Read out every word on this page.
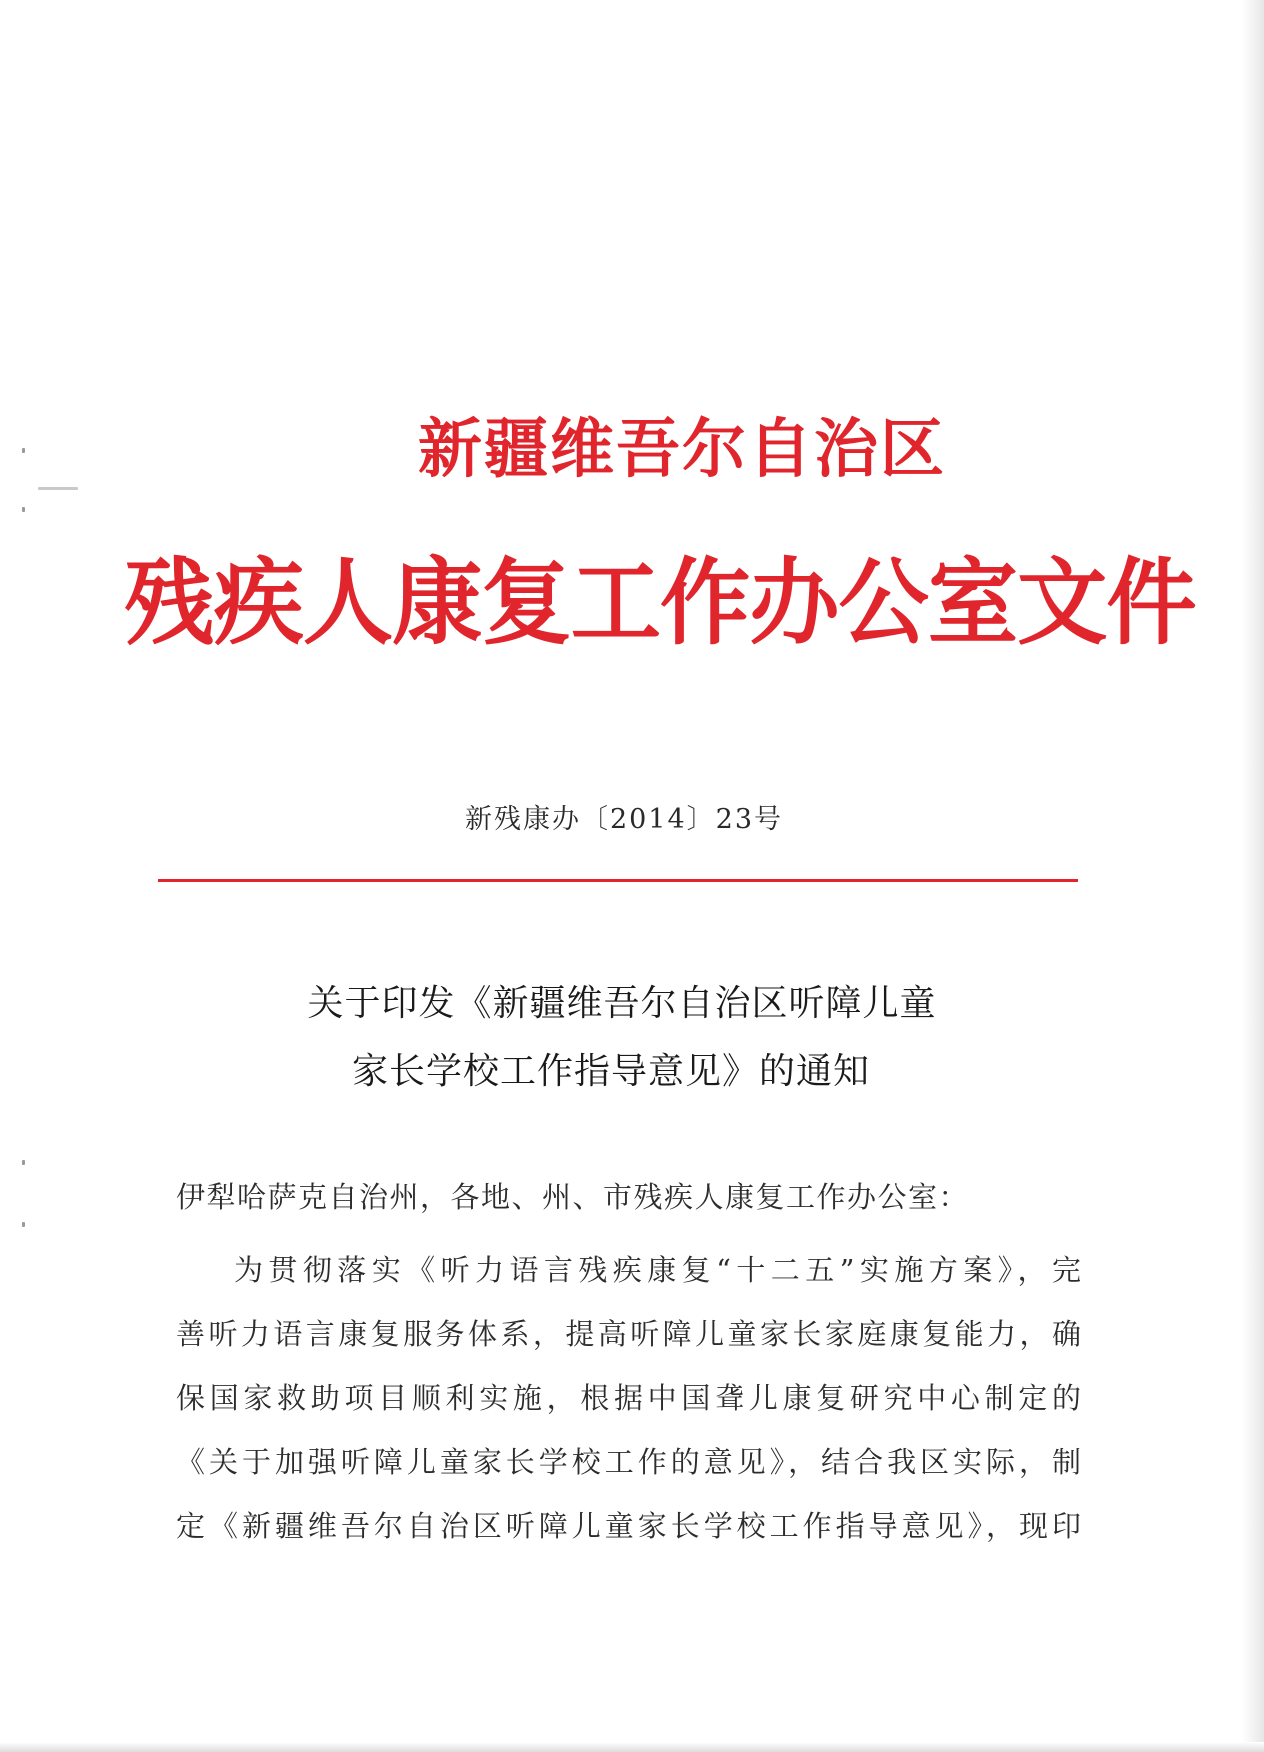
新疆维吾尔自治区
残疾人康复工作办公室文件
新残康办〔2014〕23号
关于印发《新疆维吾尔自治区听障儿童
家长学校工作指导意见》的通知
伊犁哈萨克自治州，各地、州、市残疾人康复工作办公室：
为贯彻落实《听力语言残疾康复“十二五”实施方案》，完
善听力语言康复服务体系，提高听障儿童家长家庭康复能力，确
保国家救助项目顺利实施，根据中国聋儿康复研究中心制定的
《关于加强听障儿童家长学校工作的意见》，结合我区实际，制
定《新疆维吾尔自治区听障儿童家长学校工作指导意见》，现印
